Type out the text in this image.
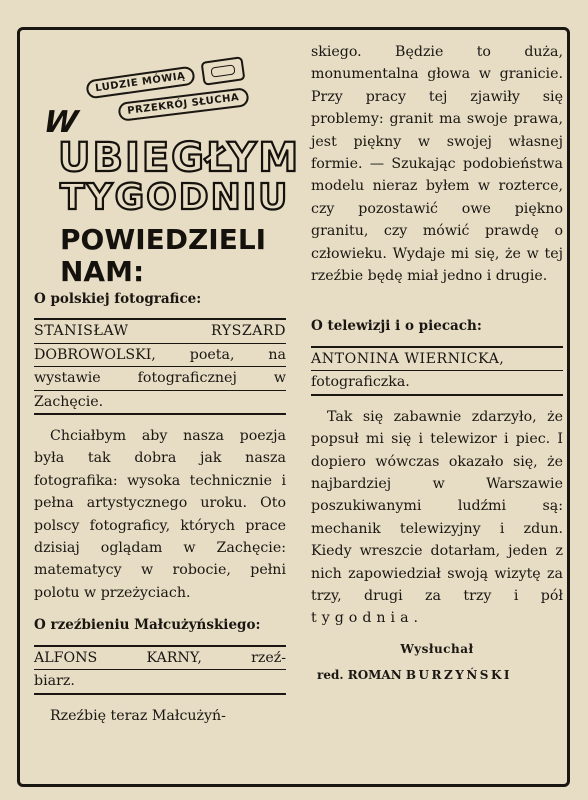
LUDZIE MÓWIĄ
PRZEKRÓJ SŁUCHA
W
UBIEGŁYM
TYGODNIU
POWIEDZIELI
NAM:

O polskiej fotografice:

STANISŁAW RYSZARD

DOBROWOLSKI, poeta, na

wystawie fotograficznej w

Zachęcie.

Chciałbym aby nasza poezja była tak dobra jak nasza fotografika: wysoka technicznie i pełna artystycznego uroku. Oto polscy fotograficy, których prace dzisiaj oglądam w Zachęcie: matematycy w robocie, pełni polotu w przeżyciach.

O rzeźbieniu Małcużyńskiego:

ALFONS KARNY, rzeź-

biarz.

Rzeźbię teraz Małcużyń-

skiego. Będzie to duża, monumentalna głowa w granicie. Przy pracy tej zjawiły się problemy: granit ma swoje prawa, jest piękny w swojej własnej formie. — Szukając podobieństwa modelu nieraz byłem w rozterce, czy pozostawić owe piękno granitu, czy mówić prawdę o człowieku. Wydaje mi się, że w tej rzeźbie będę miał jedno i drugie.

O telewizji i o piecach:

ANTONINA WIERNICKA,

fotograficzka.

Tak się zabawnie zdarzyło, że popsuł mi się i telewizor i piec. I dopiero wówczas okazało się, że najbardziej w Warszawie poszukiwanymi ludźmi są: mechanik telewizyjny i zdun. Kiedy wreszcie dotarłam, jeden z nich zapowiedział swoją wizytę za trzy, drugi za trzy i pół tygodnia.

Wysłuchał
red. ROMAN BURZYŃSKI
